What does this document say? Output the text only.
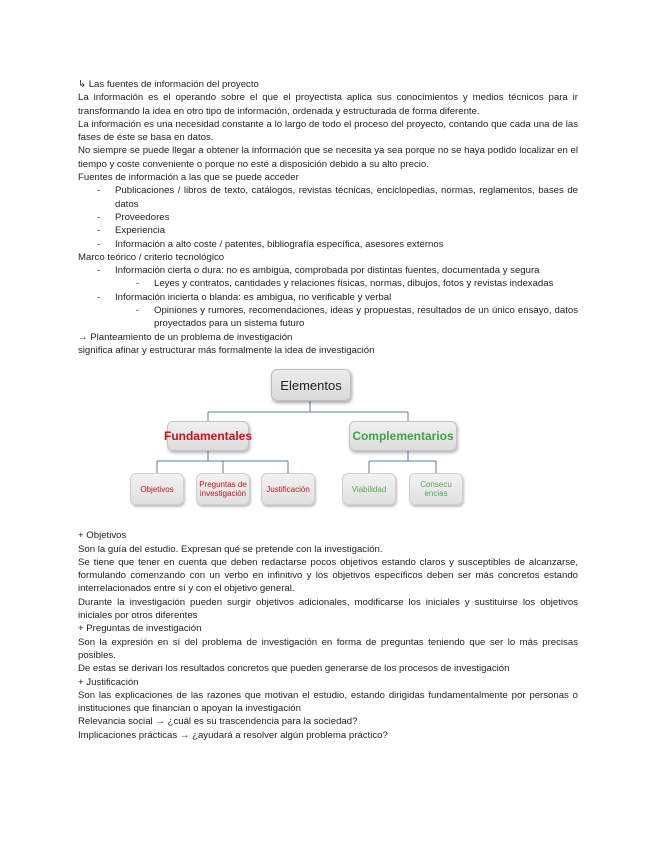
↳ Las fuentes de información del proyecto

La información es el operando sobre el que el proyectista aplica sus conocimientos y medios técnicos para ir transformando la idea en otro tipo de información, ordenada y estructurada de forma diferente.

La información es una necesidad constante a lo largo de todo el proceso del proyecto, contando que cada una de las fases de éste se basa en datos.

No siempre se puede llegar a obtener la información que se necesita ya sea porque no se haya podido localizar en el tiempo y coste conveniente o porque no esté a disposición debido a su alto precio.

Fuentes de información a las que se puede acceder

- Publicaciones / libros de texto, catálogos, revistas técnicas, enciclopedias, normas, reglamentos, bases de datos
- Proveedores
- Experiencia
- Información a alto coste / patentes, bibliografía específica, asesores externos

Marco teórico / criterio tecnológico

- Información cierta o dura: no es ambigua, comprobada por distintas fuentes, documentada y segura
- Leyes y contratos, cantidades y relaciones físicas, normas, dibujos, fotos y revistas indexadas
- Información incierta o blanda: es ambigua, no verificable y verbal
- Opiniones y rumores, recomendaciones, ideas y propuestas, resultados de un único ensayo, datos proyectados para un sistema futuro

→ Planteamiento de un problema de investigación

significa afinar y estructurar más formalmente la idea de investigación

Elementos
Fundamentales	Complementarios
Objetivos	Preguntas de investigación	Justificación	Viabilidad	Consecuencias

+ Objetivos

Son la guía del estudio. Expresan qué se pretende con la investigación.

Se tiene que tener en cuenta que deben redactarse pocos objetivos estando claros y susceptibles de alcanzarse, formulando comenzando con un verbo en infinitivo y los objetivos específicos deben ser más concretos estando interrelacionados entre sí y con el objetivo general.

Durante la investigación pueden surgir objetivos adicionales, modificarse los iniciales y sustituirse los objetivos iniciales por otros diferentes

+ Preguntas de investigación

Son la expresión en sí del problema de investigación en forma de preguntas teniendo que ser lo más precisas posibles.

De estas se derivan los resultados concretos que pueden generarse de los procesos de investigación

+ Justificación

Son las explicaciones de las razones que motivan el estudio, estando dirigidas fundamentalmente por personas o instituciones que financian o apoyan la investigación

Relevancia social → ¿cuál es su trascendencia para la sociedad?

Implicaciones prácticas → ¿ayudará a resolver algún problema práctico?
